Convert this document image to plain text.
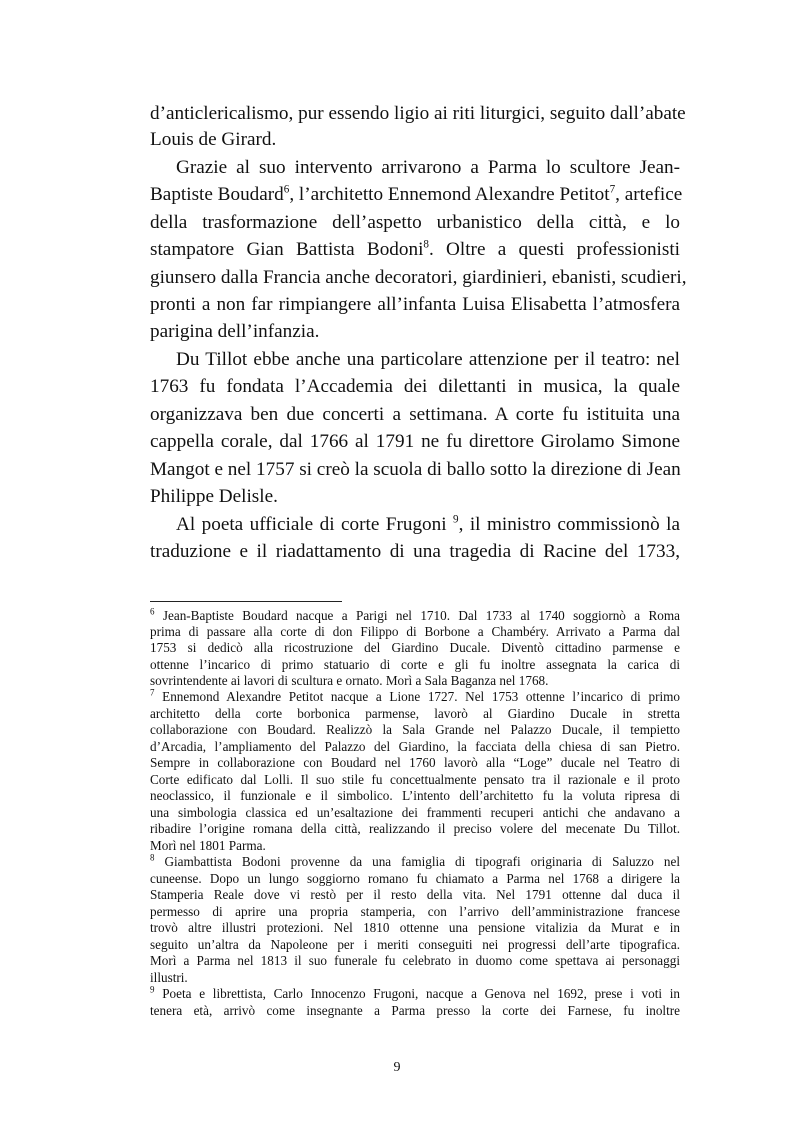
d’anticlericalismo, pur essendo ligio ai riti liturgici, seguito dall’abate
Louis de Girard.
Grazie al suo intervento arrivarono a Parma lo scultore Jean-
Baptiste Boudard$^6$, l’architetto Ennemond Alexandre Petitot$^7$, artefice
della trasformazione dell’aspetto urbanistico della città, e lo
stampatore Gian Battista Bodoni$^8$. Oltre a questi professionisti
giunsero dalla Francia anche decoratori, giardinieri, ebanisti, scudieri,
pronti a non far rimpiangere all’infanta Luisa Elisabetta l’atmosfera
parigina dell’infanzia.
Du Tillot ebbe anche una particolare attenzione per il teatro: nel
1763 fu fondata l’Accademia dei dilettanti in musica, la quale
organizzava ben due concerti a settimana. A corte fu istituita una
cappella corale, dal 1766 al 1791 ne fu direttore Girolamo Simone
Mangot e nel 1757 si creò la scuola di ballo sotto la direzione di Jean
Philippe Delisle.
Al poeta ufficiale di corte Frugoni $^9$, il ministro commissionò la
traduzione e il riadattamento di una tragedia di Racine del 1733,
$^6$ Jean-Baptiste Boudard nacque a Parigi nel 1710. Dal 1733 al 1740 soggiornò a Roma
prima di passare alla corte di don Filippo di Borbone a Chambéry. Arrivato a Parma dal
1753 si dedicò alla ricostruzione del Giardino Ducale. Diventò cittadino parmense e
ottenne l’incarico di primo statuario di corte e gli fu inoltre assegnata la carica di
sovrintendente ai lavori di scultura e ornato. Morì a Sala Baganza nel 1768.
$^7$ Ennemond Alexandre Petitot nacque a Lione 1727. Nel 1753 ottenne l’incarico di primo
architetto della corte borbonica parmense, lavorò al Giardino Ducale in stretta
collaborazione con Boudard. Realizzò la Sala Grande nel Palazzo Ducale, il tempietto
d’Arcadia, l’ampliamento del Palazzo del Giardino, la facciata della chiesa di san Pietro.
Sempre in collaborazione con Boudard nel 1760 lavorò alla “Loge” ducale nel Teatro di
Corte edificato dal Lolli. Il suo stile fu concettualmente pensato tra il razionale e il proto
neoclassico, il funzionale e il simbolico. L’intento dell’architetto fu la voluta ripresa di
una simbologia classica ed un’esaltazione dei frammenti recuperi antichi che andavano a
ribadire l’origine romana della città, realizzando il preciso volere del mecenate Du Tillot.
Morì nel 1801 Parma.
$^8$ Giambattista Bodoni provenne da una famiglia di tipografi originaria di Saluzzo nel
cuneense. Dopo un lungo soggiorno romano fu chiamato a Parma nel 1768 a dirigere la
Stamperia Reale dove vi restò per il resto della vita. Nel 1791 ottenne dal duca il
permesso di aprire una propria stamperia, con l’arrivo dell’amministrazione francese
trovò altre illustri protezioni. Nel 1810 ottenne una pensione vitalizia da Murat e in
seguito un’altra da Napoleone per i meriti conseguiti nei progressi dell’arte tipografica.
Morì a Parma nel 1813 il suo funerale fu celebrato in duomo come spettava ai personaggi
illustri.
$^9$ Poeta e librettista, Carlo Innocenzo Frugoni, nacque a Genova nel 1692, prese i voti in
tenera età, arrivò come insegnante a Parma presso la corte dei Farnese, fu inoltre
9
